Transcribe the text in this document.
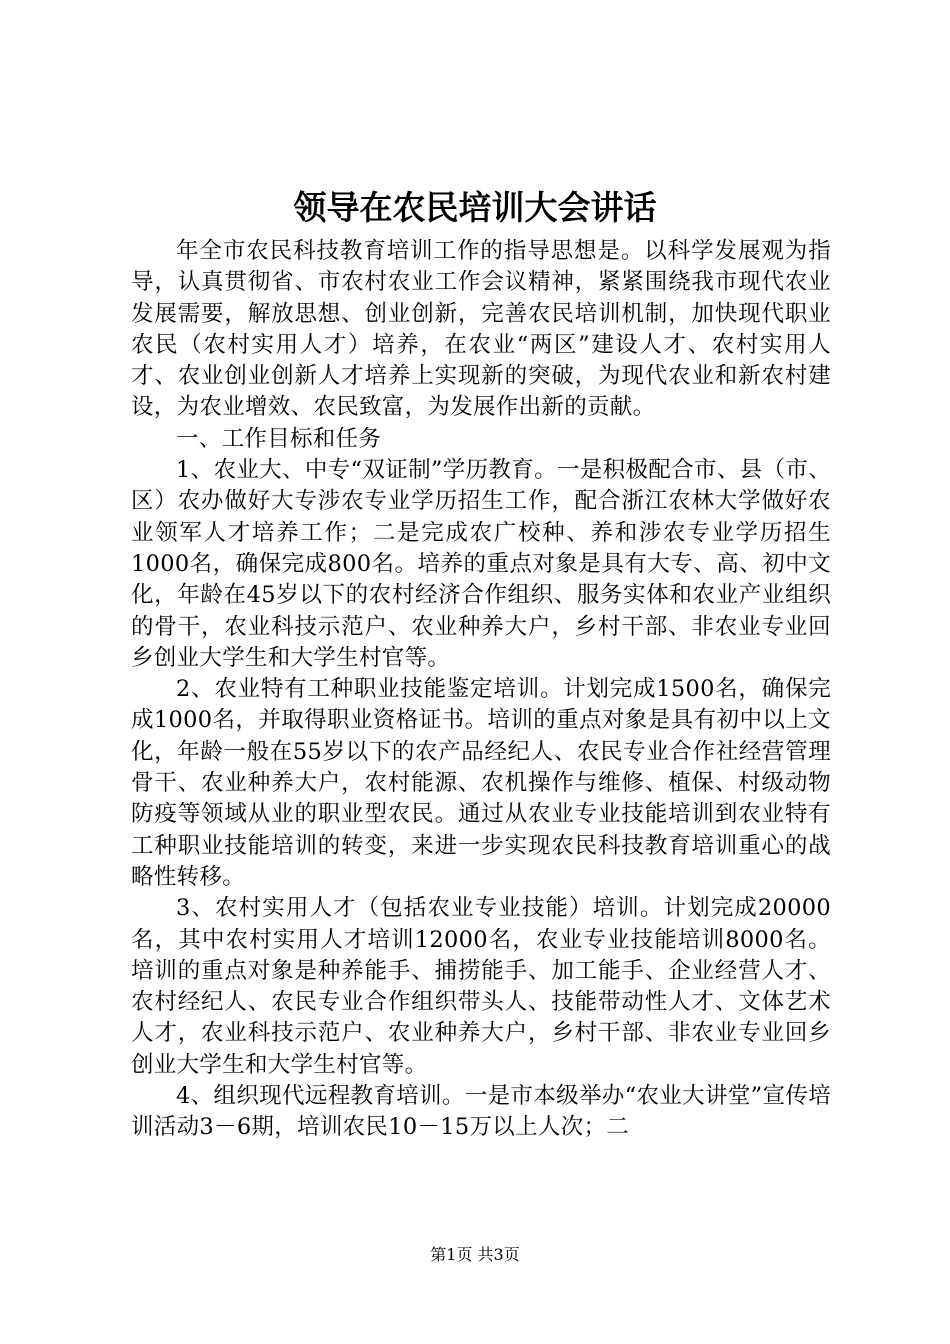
领导在农民培训大会讲话

年全市农民科技教育培训工作的指导思想是。以科学发展观为指导，认真贯彻省、市农村农业工作会议精神，紧紧围绕我市现代农业发展需要，解放思想、创业创新，完善农民培训机制，加快现代职业农民（农村实用人才）培养，在农业“两区”建设人才、农村实用人才、农业创业创新人才培养上实现新的突破，为现代农业和新农村建设，为农业增效、农民致富，为发展作出新的贡献。

一、工作目标和任务

1、农业大、中专“双证制”学历教育。一是积极配合市、县（市、区）农办做好大专涉农专业学历招生工作，配合浙江农林大学做好农业领军人才培养工作；二是完成农广校种、养和涉农专业学历招生1000名，确保完成800名。培养的重点对象是具有大专、高、初中文化，年龄在45岁以下的农村经济合作组织、服务实体和农业产业组织的骨干，农业科技示范户、农业种养大户，乡村干部、非农业专业回乡创业大学生和大学生村官等。

2、农业特有工种职业技能鉴定培训。计划完成1500名，确保完成1000名，并取得职业资格证书。培训的重点对象是具有初中以上文化，年龄一般在55岁以下的农产品经纪人、农民专业合作社经营管理骨干、农业种养大户，农村能源、农机操作与维修、植保、村级动物防疫等领域从业的职业型农民。通过从农业专业技能培训到农业特有工种职业技能培训的转变，来进一步实现农民科技教育培训重心的战略性转移。

3、农村实用人才（包括农业专业技能）培训。计划完成20000名，其中农村实用人才培训12000名，农业专业技能培训8000名。培训的重点对象是种养能手、捕捞能手、加工能手、企业经营人才、农村经纪人、农民专业合作组织带头人、技能带动性人才、文体艺术人才，农业科技示范户、农业种养大户，乡村干部、非农业专业回乡创业大学生和大学生村官等。

4、组织现代远程教育培训。一是市本级举办“农业大讲堂”宣传培训活动3－6期，培训农民10－15万以上人次；二

第1页 共3页
